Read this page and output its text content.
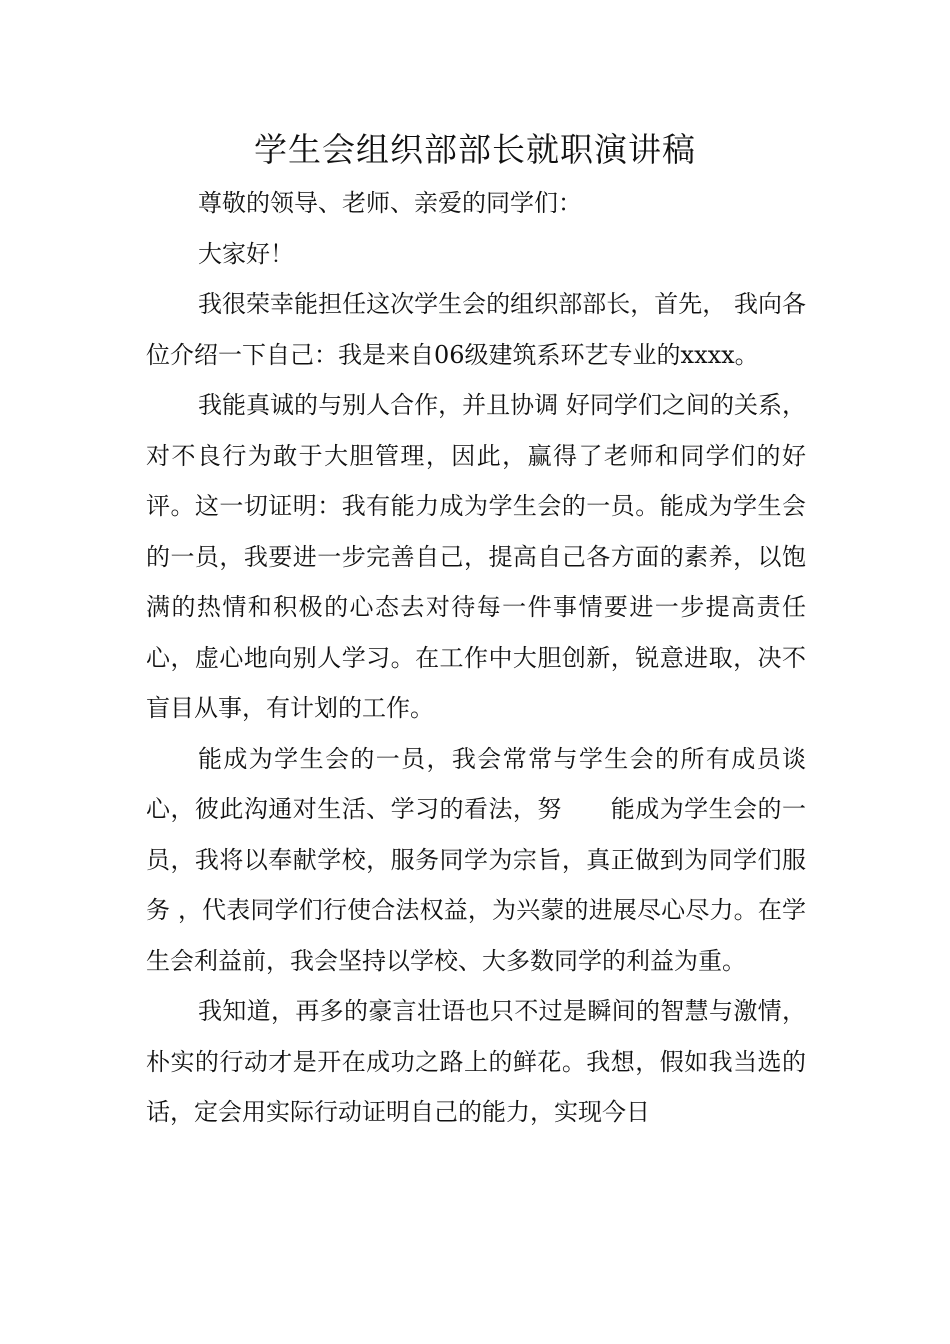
学生会组织部部长就职演讲稿

尊敬的领导、老师、亲爱的同学们：

大家好！

我很荣幸能担任这次学生会的组织部部长，首先， 我向各位介绍一下自己：我是来自06级建筑系环艺专业的xxxx。

我能真诚的与别人合作，并且协调 好同学们之间的关系，对不良行为敢于大胆管理，因此，赢得了老师和同学们的好评。这一切证明：我有能力成为学生会的一员。能成为学生会的一员，我要进一步完善自己，提高自己各方面的素养，以饱满的热情和积极的心态去对待每一件事情要进一步提高责任心，虚心地向别人学习。在工作中大胆创新，锐意进取，决不盲目从事，有计划的工作。

能成为学生会的一员，我会常常与学生会的所有成员谈心，彼此沟通对生活、学习的看法，努　　能成为学生会的一员，我将以奉献学校，服务同学为宗旨，真正做到为同学们服务 ，代表同学们行使合法权益，为兴蒙的进展尽心尽力。在学生会利益前，我会坚持以学校、大多数同学的利益为重。

我知道，再多的豪言壮语也只不过是瞬间的智慧与激情，朴实的行动才是开在成功之路上的鲜花。我想，假如我当选的话，定会用实际行动证明自己的能力，实现今日
